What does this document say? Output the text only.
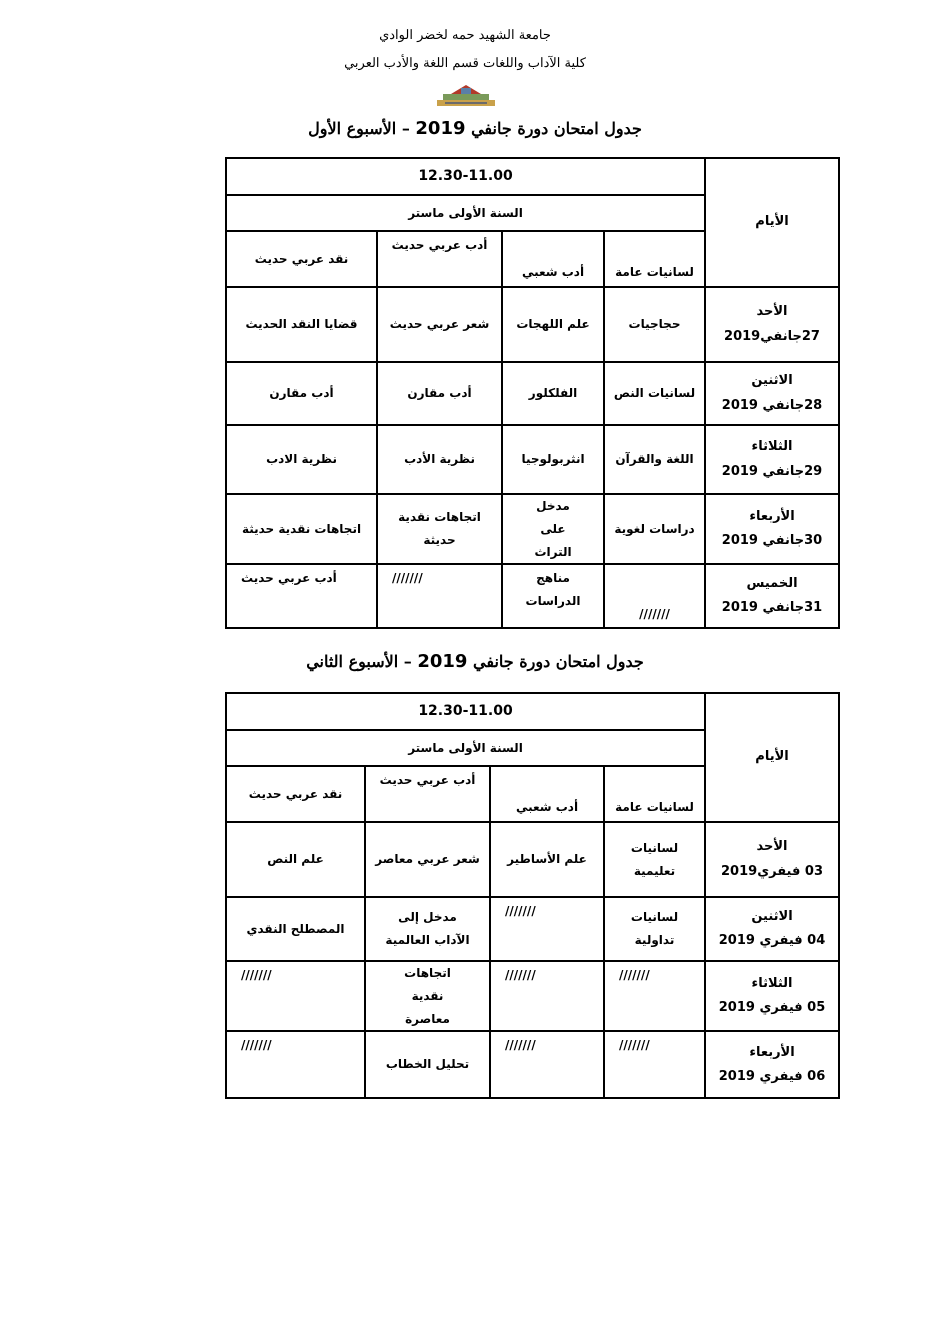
جامعة الشهيد حمه لخضر الوادي
كلية الآداب واللغات قسم اللغة والأدب العربي
جدول امتحان دورة جانفي 2019 – الأسبوع الأول
الأيام	12.30-11.00			
	السنة الأولى ماستر			
	لسانيات عامة	أدب شعبي	أدب عربي حديث	نقد عربي حديث

الأحد
27جانفي2019	حجاجيات	علم اللهجات	شعر عربي حديث	قضايا النقد الحديث

الاثنين
28جانفي 2019	لسانيات النص	الفلكلور	أدب مقارن	أدب مقارن

الثلاثاء
29جانفي 2019	اللغة والقرآن	انثربولوجيا	نظرية الأدب	نظرية الادب

الأربعاء
30جانفي 2019	دراسات لغوية	مدخل على التراث	اتجاهات نقدية حديثة	اتجاهات نقدية حديثة

الخميس
31جانفي 2019	///////	مناهج الدراسات	///////	أدب عربي حديث
جدول امتحان دورة جانفي 2019 – الأسبوع الثاني
الأيام	12.30-11.00			
	السنة الأولى ماستر			
	لسانيات عامة	أدب شعبي	أدب عربي حديث	نقد عربي حديث

الأحد
03 فيفري2019	لسانيات تعليمية	علم الأساطير	شعر عربي معاصر	علم النص

الاثنين
04 فيفري 2019	لسانيات تداولية	///////	مدخل إلى الآداب العالمية	المصطلح النقدي

الثلاثاء
05 فيفري 2019	///////	///////	اتجاهات نقدية معاصرة	///////

الأربعاء
06 فيفري 2019	///////	///////	تحليل الخطاب	///////
